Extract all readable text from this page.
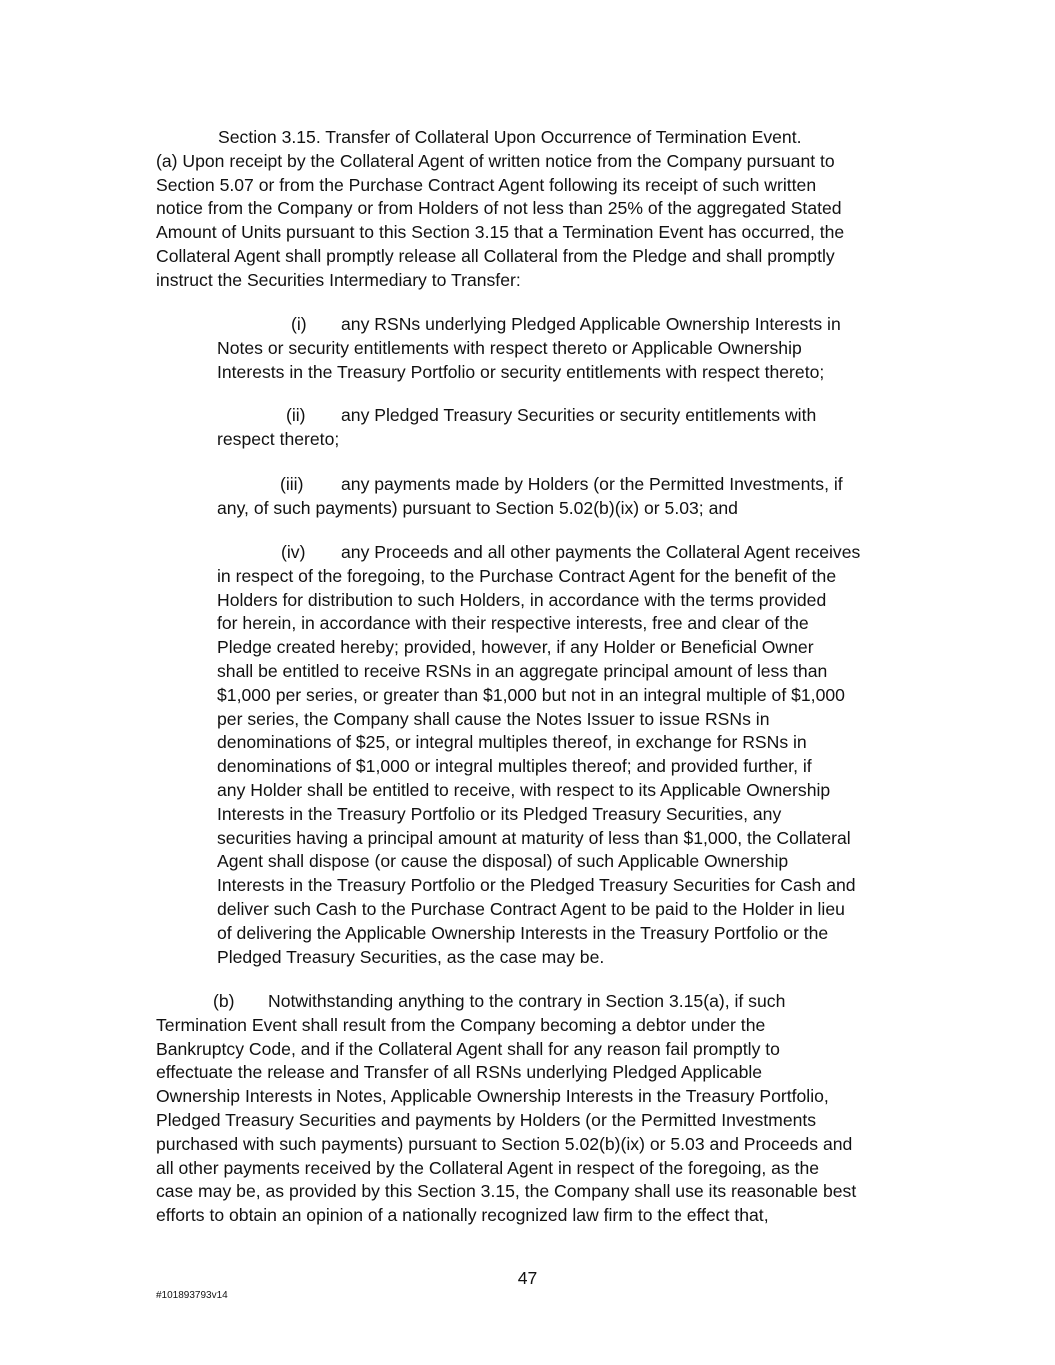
Section 3.15. Transfer of Collateral Upon Occurrence of Termination Event.
(a) Upon receipt by the Collateral Agent of written notice from the Company pursuant to
Section 5.07 or from the Purchase Contract Agent following its receipt of such written
notice from the Company or from Holders of not less than 25% of the aggregated Stated
Amount of Units pursuant to this Section 3.15 that a Termination Event has occurred, the
Collateral Agent shall promptly release all Collateral from the Pledge and shall promptly
instruct the Securities Intermediary to Transfer:
(i) any RSNs underlying Pledged Applicable Ownership Interests in
Notes or security entitlements with respect thereto or Applicable Ownership
Interests in the Treasury Portfolio or security entitlements with respect thereto;
(ii) any Pledged Treasury Securities or security entitlements with
respect thereto;
(iii) any payments made by Holders (or the Permitted Investments, if
any, of such payments) pursuant to Section 5.02(b)(ix) or 5.03; and
(iv) any Proceeds and all other payments the Collateral Agent receives
in respect of the foregoing, to the Purchase Contract Agent for the benefit of the
Holders for distribution to such Holders, in accordance with the terms provided
for herein, in accordance with their respective interests, free and clear of the
Pledge created hereby; provided, however, if any Holder or Beneficial Owner
shall be entitled to receive RSNs in an aggregate principal amount of less than
$1,000 per series, or greater than $1,000 but not in an integral multiple of $1,000
per series, the Company shall cause the Notes Issuer to issue RSNs in
denominations of $25, or integral multiples thereof, in exchange for RSNs in
denominations of $1,000 or integral multiples thereof; and provided further, if
any Holder shall be entitled to receive, with respect to its Applicable Ownership
Interests in the Treasury Portfolio or its Pledged Treasury Securities, any
securities having a principal amount at maturity of less than $1,000, the Collateral
Agent shall dispose (or cause the disposal) of such Applicable Ownership
Interests in the Treasury Portfolio or the Pledged Treasury Securities for Cash and
deliver such Cash to the Purchase Contract Agent to be paid to the Holder in lieu
of delivering the Applicable Ownership Interests in the Treasury Portfolio or the
Pledged Treasury Securities, as the case may be.
(b) Notwithstanding anything to the contrary in Section 3.15(a), if such
Termination Event shall result from the Company becoming a debtor under the
Bankruptcy Code, and if the Collateral Agent shall for any reason fail promptly to
effectuate the release and Transfer of all RSNs underlying Pledged Applicable
Ownership Interests in Notes, Applicable Ownership Interests in the Treasury Portfolio,
Pledged Treasury Securities and payments by Holders (or the Permitted Investments
purchased with such payments) pursuant to Section 5.02(b)(ix) or 5.03 and Proceeds and
all other payments received by the Collateral Agent in respect of the foregoing, as the
case may be, as provided by this Section 3.15, the Company shall use its reasonable best
efforts to obtain an opinion of a nationally recognized law firm to the effect that,
47
#101893793v14
